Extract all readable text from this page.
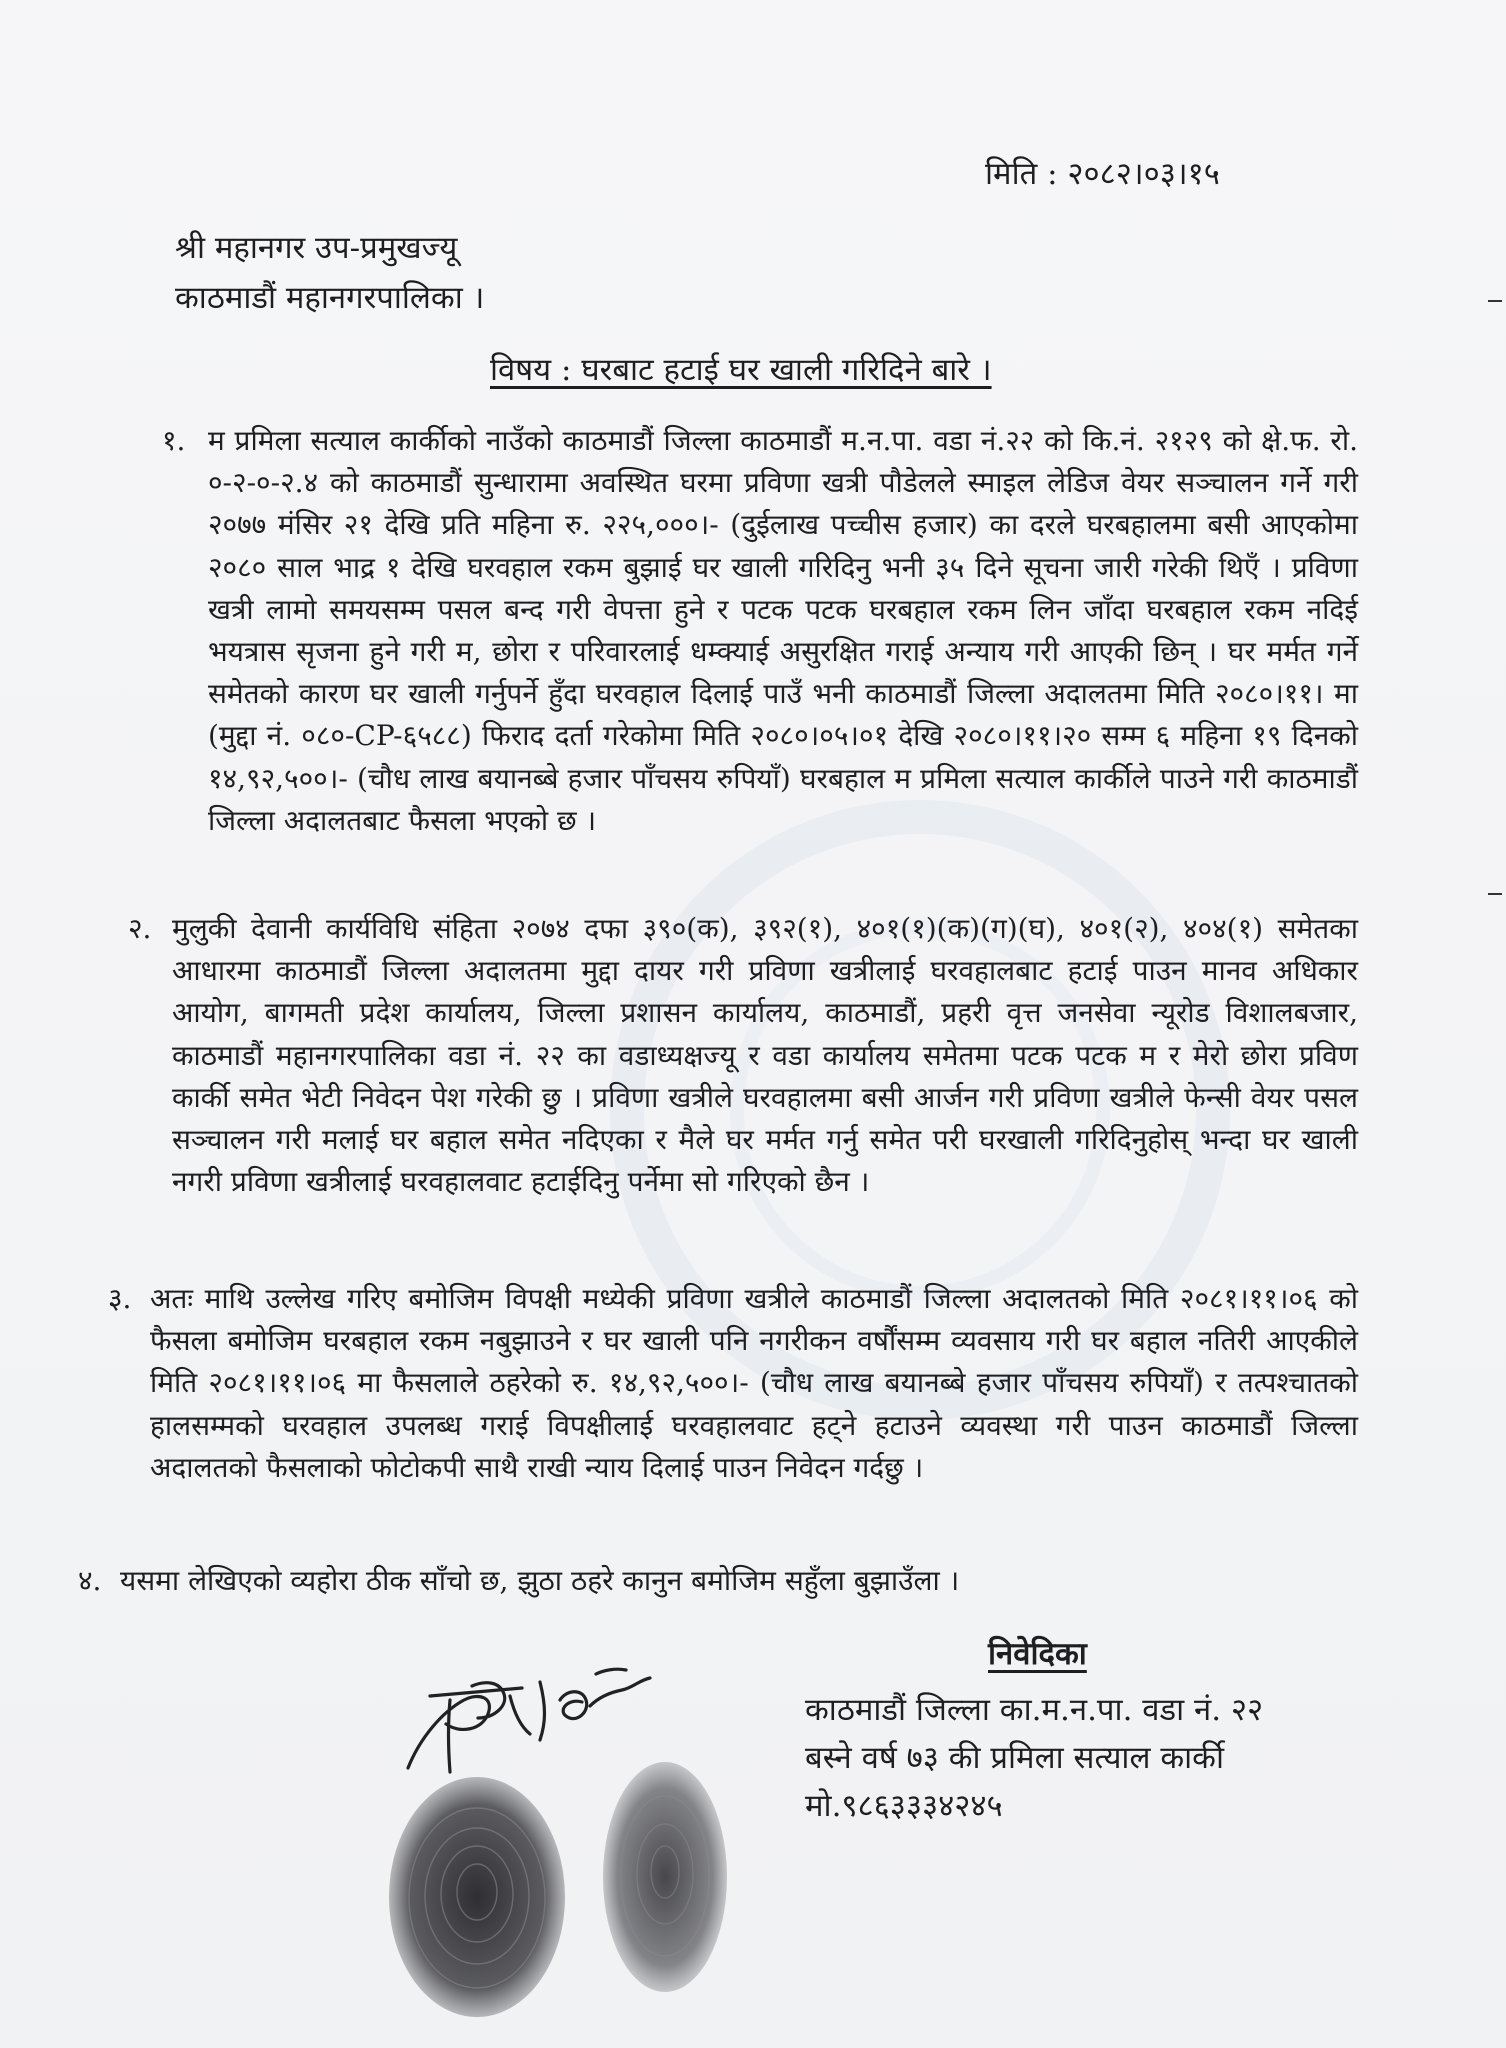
मिति : २०८२।०३।१५
श्री महानगर उप-प्रमुखज्यू
काठमाडौं महानगरपालिका ।
विषय : घरबाट हटाई घर खाली गरिदिने बारे ।
१. म प्रमिला सत्याल कार्कीको नाउँको काठमाडौं जिल्ला काठमाडौं म.न.पा. वडा नं.२२ को कि.नं. २१२९ को क्षे.फ. रो. ०-२-०-२.४ को काठमाडौं सुन्धारामा अवस्थित घरमा प्रविणा खत्री पौडेलले स्माइल लेडिज वेयर सञ्चालन गर्ने गरी २०७७ मंसिर २१ देखि प्रति महिना रु. २२५,०००।- (दुईलाख पच्चीस हजार) का दरले घरबहालमा बसी आएकोमा २०८० साल भाद्र १ देखि घरवहाल रकम बुझाई घर खाली गरिदिनु भनी ३५ दिने सूचना जारी गरेकी थिएँ । प्रविणा खत्री लामो समयसम्म पसल बन्द गरी वेपत्ता हुने र पटक पटक घरबहाल रकम लिन जाँदा घरबहाल रकम नदिई भयत्रास सृजना हुने गरी म, छोरा र परिवारलाई धम्क्याई असुरक्षित गराई अन्याय गरी आएकी छिन् । घर मर्मत गर्ने समेतको कारण घर खाली गर्नुपर्ने हुँदा घरवहाल दिलाई पाउँ भनी काठमाडौं जिल्ला अदालतमा मिति २०८०।११। मा (मुद्दा नं. ०८०-CP-६५८८) फिराद दर्ता गरेकोमा मिति २०८०।०५।०१ देखि २०८०।११।२० सम्म ६ महिना १९ दिनको १४,९२,५००।- (चौध लाख बयानब्बे हजार पाँचसय रुपियाँ) घरबहाल म प्रमिला सत्याल कार्कीले पाउने गरी काठमाडौं जिल्ला अदालतबाट फैसला भएको छ ।
२. मुलुकी देवानी कार्यविधि संहिता २०७४ दफा ३९०(क), ३९२(१), ४०१(१)(क)(ग)(घ), ४०१(२), ४०४(१) समेतका आधारमा काठमाडौं जिल्ला अदालतमा मुद्दा दायर गरी प्रविणा खत्रीलाई घरवहालबाट हटाई पाउन मानव अधिकार आयोग, बागमती प्रदेश कार्यालय, जिल्ला प्रशासन कार्यालय, काठमाडौं, प्रहरी वृत्त जनसेवा न्यूरोड विशालबजार, काठमाडौं महानगरपालिका वडा नं. २२ का वडाध्यक्षज्यू र वडा कार्यालय समेतमा पटक पटक म र मेरो छोरा प्रविण कार्की समेत भेटी निवेदन पेश गरेकी छु । प्रविणा खत्रीले घरवहालमा बसी आर्जन गरी प्रविणा खत्रीले फेन्सी वेयर पसल सञ्चालन गरी मलाई घर बहाल समेत नदिएका र मैले घर मर्मत गर्नु समेत परी घरखाली गरिदिनुहोस् भन्दा घर खाली नगरी प्रविणा खत्रीलाई घरवहालवाट हटाईदिनु पर्नेमा सो गरिएको छैन ।
३. अतः माथि उल्लेख गरिए बमोजिम विपक्षी मध्येकी प्रविणा खत्रीले काठमाडौं जिल्ला अदालतको मिति २०८१।११।०६ को फैसला बमोजिम घरबहाल रकम नबुझाउने र घर खाली पनि नगरीकन वर्षौंसम्म व्यवसाय गरी घर बहाल नतिरी आएकीले मिति २०८१।११।०६ मा फैसलाले ठहरेको रु. १४,९२,५००।- (चौध लाख बयानब्बे हजार पाँचसय रुपियाँ) र तत्पश्चातको हालसम्मको घरवहाल उपलब्ध गराई विपक्षीलाई घरवहालवाट हट्ने हटाउने व्यवस्था गरी पाउन काठमाडौं जिल्ला अदालतको फैसलाको फोटोकपी साथै राखी न्याय दिलाई पाउन निवेदन गर्दछु ।
४. यसमा लेखिएको व्यहोरा ठीक साँचो छ, झुठा ठहरे कानुन बमोजिम सहुँला बुझाउँला ।
निवेदिका
काठमाडौं जिल्ला का.म.न.पा. वडा नं. २२
बस्ने वर्ष ७३ की प्रमिला सत्याल कार्की
मो.९८६३३३४२४५
